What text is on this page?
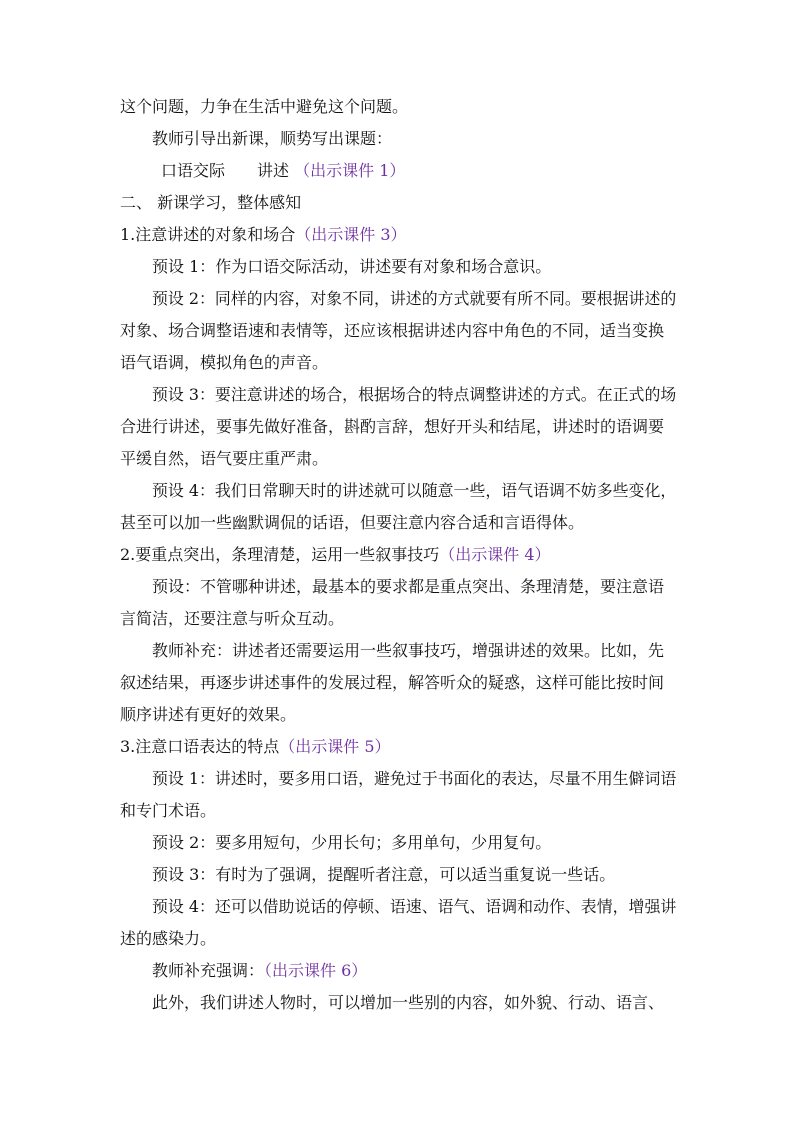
这个问题，力争在生活中避免这个问题。
教师引导出新课，顺势写出课题：
口语交际　　讲述 （出示课件 1）
二、 新课学习，整体感知
1.注意讲述的对象和场合（出示课件 3）
预设 1：作为口语交际活动，讲述要有对象和场合意识。
预设 2：同样的内容，对象不同，讲述的方式就要有所不同。要根据讲述的
对象、场合调整语速和表情等，还应该根据讲述内容中角色的不同，适当变换
语气语调，模拟角色的声音。
预设 3：要注意讲述的场合，根据场合的特点调整讲述的方式。在正式的场
合进行讲述，要事先做好准备，斟酌言辞，想好开头和结尾，讲述时的语调要
平缓自然，语气要庄重严肃。
预设 4：我们日常聊天时的讲述就可以随意一些，语气语调不妨多些变化，
甚至可以加一些幽默调侃的话语，但要注意内容合适和言语得体。
2.要重点突出，条理清楚，运用一些叙事技巧（出示课件 4）
预设：不管哪种讲述，最基本的要求都是重点突出、条理清楚，要注意语
言简洁，还要注意与听众互动。
教师补充：讲述者还需要运用一些叙事技巧，增强讲述的效果。比如，先
叙述结果，再逐步讲述事件的发展过程，解答听众的疑惑，这样可能比按时间
顺序讲述有更好的效果。
3.注意口语表达的特点（出示课件 5）
预设 1：讲述时，要多用口语，避免过于书面化的表达，尽量不用生僻词语
和专门术语。
预设 2：要多用短句，少用长句；多用单句，少用复句。
预设 3：有时为了强调，提醒听者注意，可以适当重复说一些话。
预设 4：还可以借助说话的停顿、语速、语气、语调和动作、表情，增强讲
述的感染力。
教师补充强调：（出示课件 6）
此外，我们讲述人物时，可以增加一些别的内容，如外貌、行动、语言、
